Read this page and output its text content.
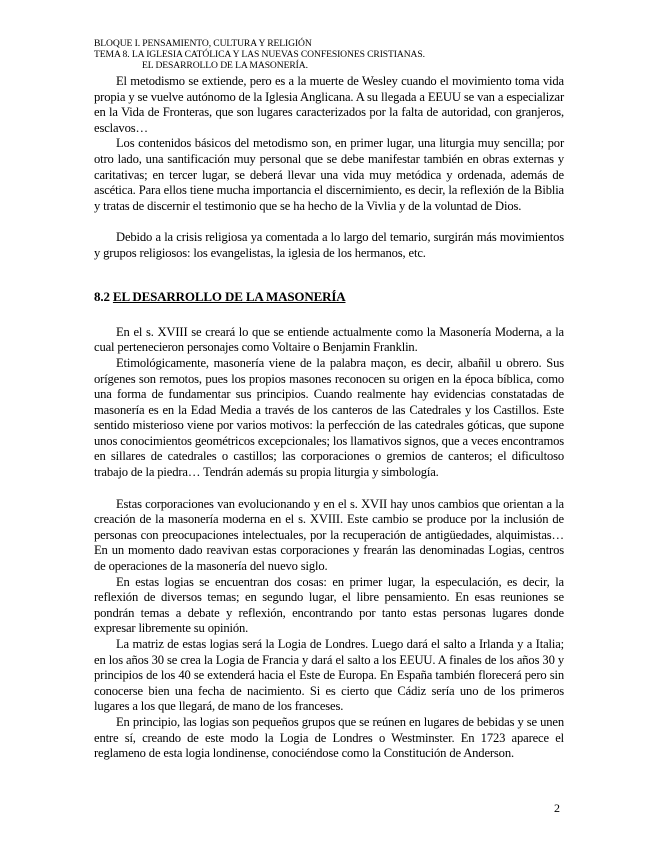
BLOQUE I. PENSAMIENTO, CULTURA Y RELIGIÓN
TEMA 8. LA IGLESIA CATÓLICA Y LAS NUEVAS CONFESIONES CRISTIANAS.
EL DESARROLLO DE LA MASONERÍA.

El metodismo se extiende, pero es a la muerte de Wesley cuando el movimiento toma vida propia y se vuelve autónomo de la Iglesia Anglicana. A su llegada a EEUU se van a especializar en la Vida de Fronteras, que son lugares caracterizados por la falta de autoridad, con granjeros, esclavos…

Los contenidos básicos del metodismo son, en primer lugar, una liturgia muy sencilla; por otro lado, una santificación muy personal que se debe manifestar también en obras externas y caritativas; en tercer lugar, se deberá llevar una vida muy metódica y ordenada, además de ascética. Para ellos tiene mucha importancia el discernimiento, es decir, la reflexión de la Biblia y tratas de discernir el testimonio que se ha hecho de la Vivlia y de la voluntad de Dios.

Debido a la crisis religiosa ya comentada a lo largo del temario, surgirán más movimientos y grupos religiosos: los evangelistas, la iglesia de los hermanos, etc.

8.2 EL DESARROLLO DE LA MASONERÍA

En el s. XVIII se creará lo que se entiende actualmente como la Masonería Moderna, a la cual pertenecieron personajes como Voltaire o Benjamin Franklin.

Etimológicamente, masonería viene de la palabra maçon, es decir, albañil u obrero. Sus orígenes son remotos, pues los propios masones reconocen su origen en la época bíblica, como una forma de fundamentar sus principios. Cuando realmente hay evidencias constatadas de masonería es en la Edad Media a través de los canteros de las Catedrales y los Castillos. Este sentido misterioso viene por varios motivos: la perfección de las catedrales góticas, que supone unos conocimientos geométricos excepcionales; los llamativos signos, que a veces encontramos en sillares de catedrales o castillos; las corporaciones o gremios de canteros; el dificultoso trabajo de la piedra… Tendrán además su propia liturgia y simbología.

Estas corporaciones van evolucionando y en el s. XVII hay unos cambios que orientan a la creación de la masonería moderna en el s. XVIII. Este cambio se produce por la inclusión de personas con preocupaciones intelectuales, por la recuperación de antigüedades, alquimistas… En un momento dado reavivan estas corporaciones y frearán las denominadas Logias, centros de operaciones de la masonería del nuevo siglo.

En estas logias se encuentran dos cosas: en primer lugar, la especulación, es decir, la reflexión de diversos temas; en segundo lugar, el libre pensamiento. En esas reuniones se pondrán temas a debate y reflexión, encontrando por tanto estas personas lugares donde expresar libremente su opinión.

La matriz de estas logias será la Logia de Londres. Luego dará el salto a Irlanda y a Italia; en los años 30 se crea la Logia de Francia y dará el salto a los EEUU. A finales de los años 30 y principios de los 40 se extenderá hacia el Este de Europa. En España también florecerá pero sin conocerse bien una fecha de nacimiento. Si es cierto que Cádiz sería uno de los primeros lugares a los que llegará, de mano de los franceses.

En principio, las logias son pequeños grupos que se reúnen en lugares de bebidas y se unen entre sí, creando de este modo la Logia de Londres o Westminster. En 1723 aparece el reglameno de esta logia londinense, conociéndose como la Constitución de Anderson.

2
